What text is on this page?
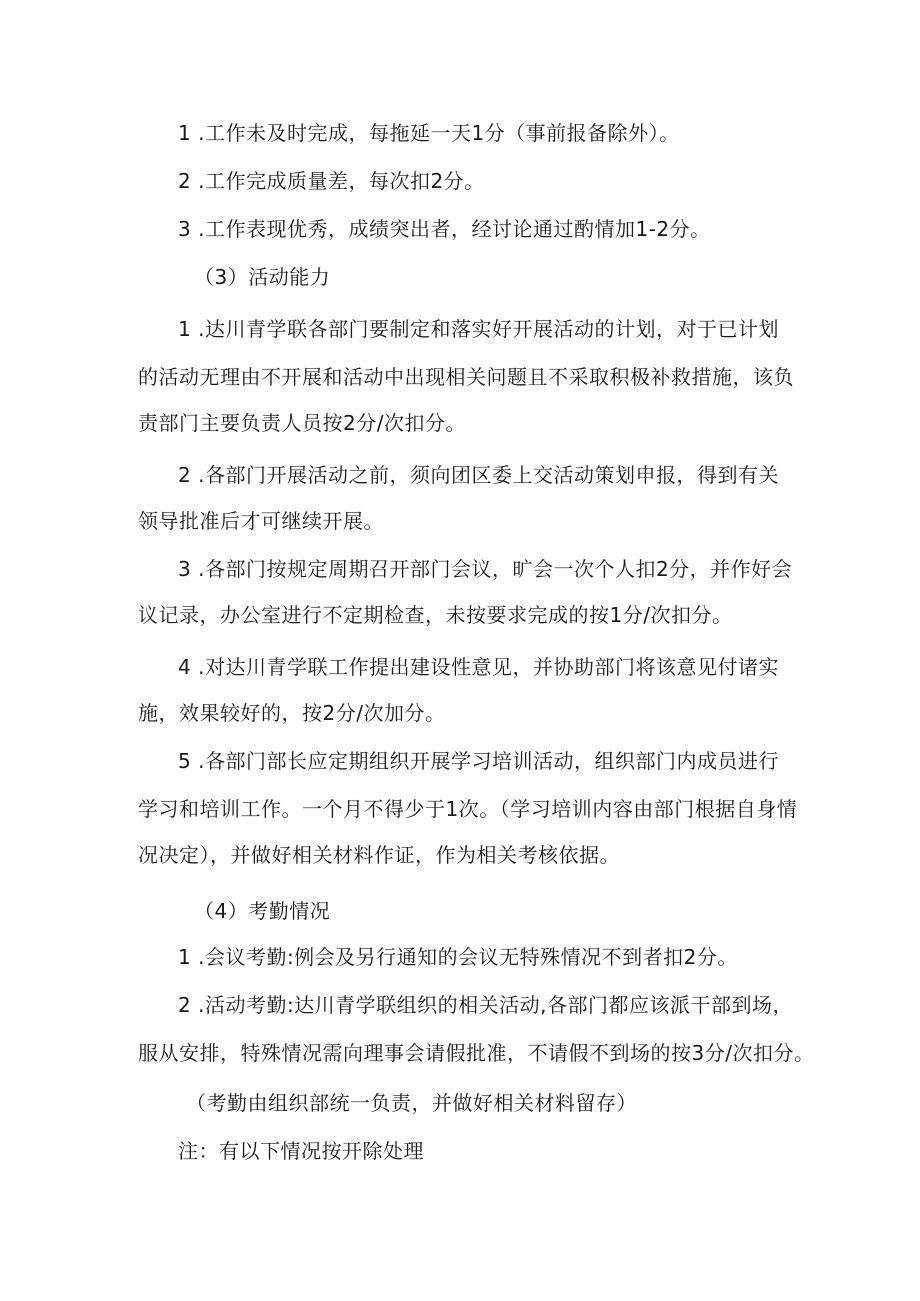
1 .工作未及时完成，每拖延一天1分（事前报备除外）。

2 .工作完成质量差，每次扣2分。

3 .工作表现优秀，成绩突出者，经讨论通过酌情加1-2分。

（3）活动能力

1 .达川青学联各部门要制定和落实好开展活动的计划，对于已计划

的活动无理由不开展和活动中出现相关问题且不采取积极补救措施，该负

责部门主要负责人员按2分/次扣分。

2 .各部门开展活动之前，须向团区委上交活动策划申报，得到有关

领导批准后才可继续开展。

3 .各部门按规定周期召开部门会议，旷会一次个人扣2分，并作好会

议记录，办公室进行不定期检查，未按要求完成的按1分/次扣分。

4 .对达川青学联工作提出建设性意见，并协助部门将该意见付诸实

施，效果较好的，按2分/次加分。

5 .各部门部长应定期组织开展学习培训活动，组织部门内成员进行

学习和培训工作。一个月不得少于1次。（学习培训内容由部门根据自身情

况决定），并做好相关材料作证，作为相关考核依据。

（4）考勤情况

1 .会议考勤:例会及另行通知的会议无特殊情况不到者扣2分。

2 .活动考勤:达川青学联组织的相关活动,各部门都应该派干部到场，

服从安排，特殊情况需向理事会请假批准，不请假不到场的按3分/次扣分。

（考勤由组织部统一负责，并做好相关材料留存）

注：有以下情况按开除处理
